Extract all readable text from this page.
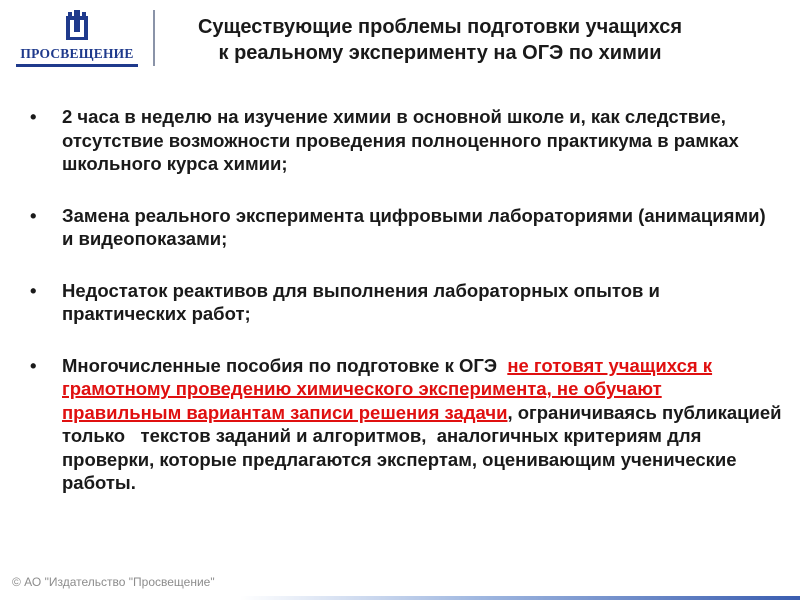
ПРОСВЕЩЕНИЕ
Существующие проблемы подготовки учащихся
к реальному эксперименту на ОГЭ по химии
• 2 часа в неделю на изучение химии в основной школе и, как следствие, отсутствие возможности проведения полноценного практикума в рамках школьного курса химии;
• Замена реального эксперимента цифровыми лабораториями (анимациями) и видеопоказами;
• Недостаток реактивов для выполнения лабораторных опытов и практических работ;
• Многочисленные пособия по подготовке к ОГЭ  не готовят учащихся к грамотному проведению химического эксперимента, не обучают правильным вариантам записи решения задачи, ограничиваясь публикацией только   текстов заданий и алгоритмов,  аналогичных критериям для проверки, которые предлагаются экспертам, оценивающим ученические работы.
© АО "Издательство "Просвещение"
